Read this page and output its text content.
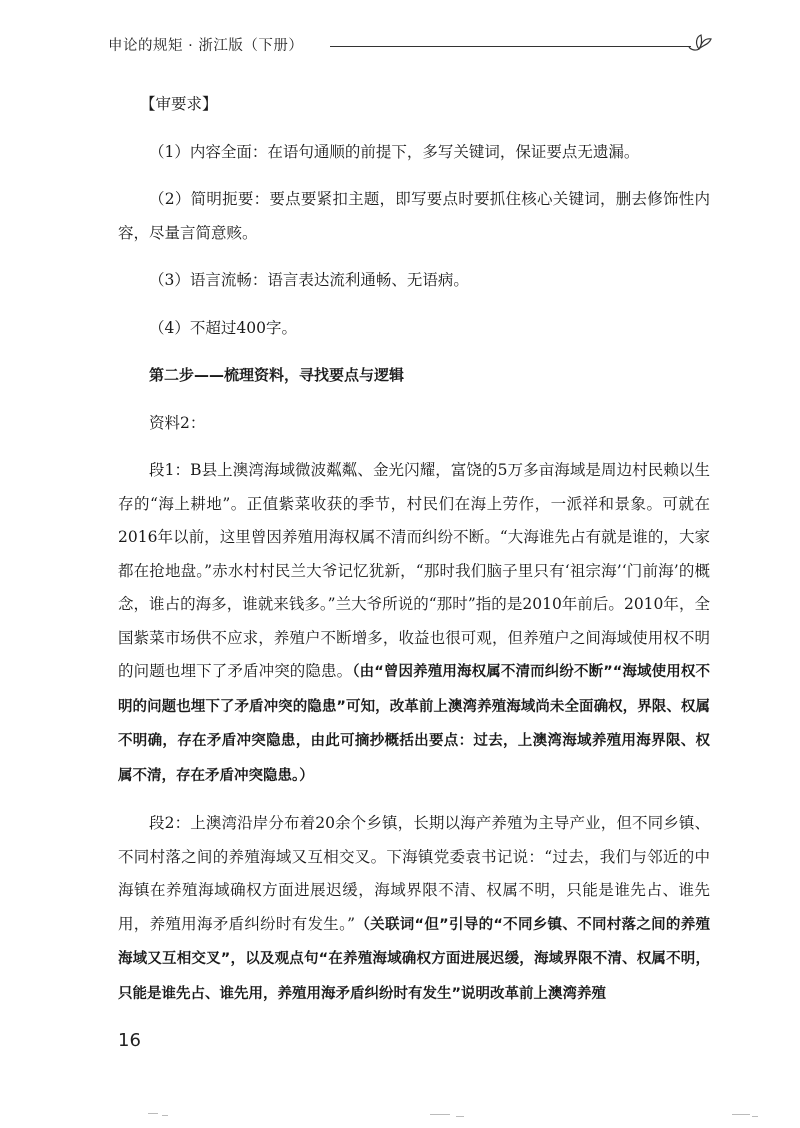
申论的规矩 · 浙江版（下册）

【审要求】

（1）内容全面：在语句通顺的前提下，多写关键词，保证要点无遗漏。

（2）简明扼要：要点要紧扣主题，即写要点时要抓住核心关键词，删去修饰性内容，尽量言简意赅。

（3）语言流畅：语言表达流利通畅、无语病。

（4）不超过400字。

第二步——梳理资料，寻找要点与逻辑

资料2：

段1：B县上澳湾海域微波粼粼、金光闪耀，富饶的5万多亩海域是周边村民赖以生存的“海上耕地”。正值紫菜收获的季节，村民们在海上劳作，一派祥和景象。可就在2016年以前，这里曾因养殖用海权属不清而纠纷不断。“大海谁先占有就是谁的，大家都在抢地盘。”赤水村村民兰大爷记忆犹新，“那时我们脑子里只有‘祖宗海’‘门前海’的概念，谁占的海多，谁就来钱多。”兰大爷所说的“那时”指的是2010年前后。2010年，全国紫菜市场供不应求，养殖户不断增多，收益也很可观，但养殖户之间海域使用权不明的问题也埋下了矛盾冲突的隐患。（由“曾因养殖用海权属不清而纠纷不断”“海域使用权不明的问题也埋下了矛盾冲突的隐患”可知，改革前上澳湾养殖海域尚未全面确权，界限、权属不明确，存在矛盾冲突隐患，由此可摘抄概括出要点：过去，上澳湾海域养殖用海界限、权属不清，存在矛盾冲突隐患。）

段2：上澳湾沿岸分布着20余个乡镇，长期以海产养殖为主导产业，但不同乡镇、不同村落之间的养殖海域又互相交叉。下海镇党委袁书记说：“过去，我们与邻近的中海镇在养殖海域确权方面进展迟缓，海域界限不清、权属不明，只能是谁先占、谁先用，养殖用海矛盾纠纷时有发生。”（关联词“但”引导的“不同乡镇、不同村落之间的养殖海域又互相交叉”，以及观点句“在养殖海域确权方面进展迟缓，海域界限不清、权属不明，只能是谁先占、谁先用，养殖用海矛盾纠纷时有发生”说明改革前上澳湾养殖

16
